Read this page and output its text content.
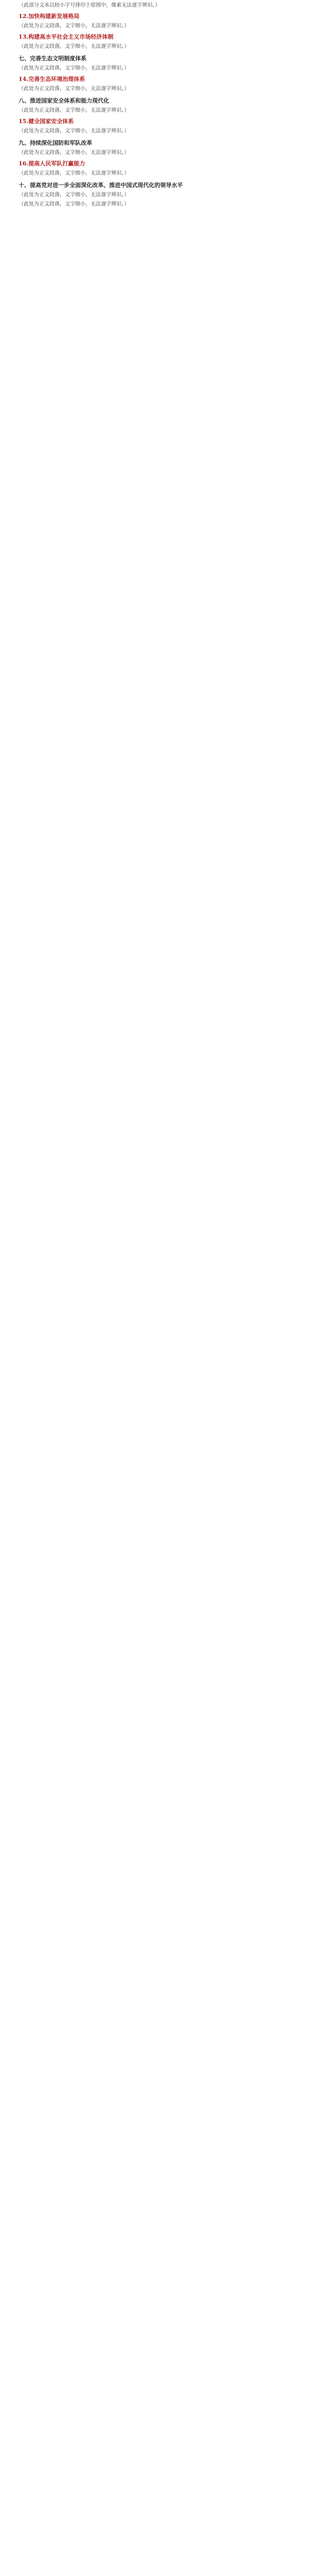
（此部分文本以较小字号排印于原图中，像素无法逐字辨识。）

12.加快构建新发展格局

（此处为正文段落，文字细小，无法逐字辨识。）

13.构建高水平社会主义市场经济体制

（此处为正文段落，文字细小，无法逐字辨识。）

七、完善生态文明制度体系

（此处为正文段落，文字细小，无法逐字辨识。）

14.完善生态环境治理体系

（此处为正文段落，文字细小，无法逐字辨识。）

八、推进国家安全体系和能力现代化

（此处为正文段落，文字细小，无法逐字辨识。）

15.健全国家安全体系

（此处为正文段落，文字细小，无法逐字辨识。）

九、持续深化国防和军队改革

（此处为正文段落，文字细小，无法逐字辨识。）

16.提高人民军队打赢能力

（此处为正文段落，文字细小，无法逐字辨识。）

十、提高党对进一步全面深化改革、推进中国式现代化的领导水平

（此处为正文段落，文字细小，无法逐字辨识。）

（此处为正文段落，文字细小，无法逐字辨识。）
